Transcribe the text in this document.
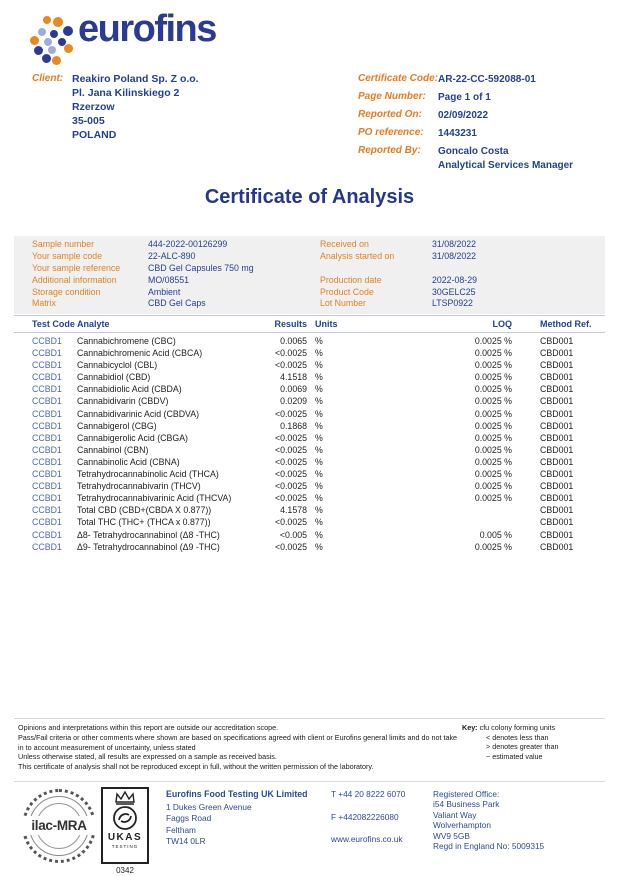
eurofins
Client: Reakiro Poland Sp. Z o.o.
Pl. Jana Kilinskiego 2
Rzerzow
35-005
POLAND
Certificate Code: AR-22-CC-592088-01
Page Number:	Page 1 of 1
Reported On:	02/09/2022
PO reference:	1443231
Reported By:	Goncalo Costa
Analytical Services Manager
Certificate of Analysis
Sample number	444-2022-00126299	Received on	31/08/2022
Your sample code	22-ALC-890	Analysis started on	31/08/2022
Your sample reference	CBD Gel Capsules 750 mg
Additional information	MO/08551	Production date	2022-08-29
Storage condition	Ambient	Product Code	30GELC25
Matrix	CBD Gel Caps	Lot Number	LTSP0922
Test Code Analyte	Results Units	LOQ	Method Ref.
CCBD1	Cannabichromene (CBC)	0.0065 %	0.0025 %	CBD001
CCBD1	Cannabichromenic Acid (CBCA)	<0.0025 %	0.0025 %	CBD001
CCBD1	Cannabicyclol (CBL)	<0.0025 %	0.0025 %	CBD001
CCBD1	Cannabidiol (CBD)	4.1518 %	0.0025 %	CBD001
CCBD1	Cannabidiolic Acid (CBDA)	0.0069 %	0.0025 %	CBD001
CCBD1	Cannabidivarin (CBDV)	0.0209 %	0.0025 %	CBD001
CCBD1	Cannabidivarinic Acid (CBDVA)	<0.0025 %	0.0025 %	CBD001
CCBD1	Cannabigerol (CBG)	0.1868 %	0.0025 %	CBD001
CCBD1	Cannabigerolic Acid (CBGA)	<0.0025 %	0.0025 %	CBD001
CCBD1	Cannabinol (CBN)	<0.0025 %	0.0025 %	CBD001
CCBD1	Cannabinolic Acid (CBNA)	<0.0025 %	0.0025 %	CBD001
CCBD1	Tetrahydrocannabinolic Acid (THCA)	<0.0025 %	0.0025 %	CBD001
CCBD1	Tetrahydrocannabivarin (THCV)	<0.0025 %	0.0025 %	CBD001
CCBD1	Tetrahydrocannabivarinic Acid (THCVA)	<0.0025 %	0.0025 %	CBD001
CCBD1	Total CBD (CBD+(CBDA X 0.877))	4.1578 %	CBD001
CCBD1	Total THC (THC+ (THCA x 0.877))	<0.0025 %	CBD001
CCBD1	Δ8- Tetrahydrocannabinol (Δ8 -THC)	<0.005 %	0.005 %	CBD001
CCBD1	Δ9- Tetrahydrocannabinol (Δ9 -THC)	<0.0025 %	0.0025 %	CBD001
Opinions and interpretations within this report are outside our accreditation scope.
Pass/Fail criteria or other comments where shown are based on specifications agreed with client or Eurofins general limits and do not take in to account measurement of uncertainty, unless stated
Unless otherwise stated, all results are expressed on a sample as received basis.
This certificate of analysis shall not be reproduced except in full, without the written permission of the laboratory.
Key: cfu colony forming units
< denotes less than
> denotes greater than
~ estimated value
ilac-MRA
UKAS
TESTING
0342
Eurofins Food Testing UK Limited
1 Dukes Green Avenue
Faggs Road
Feltham
TW14 0LR
T +44 20 8222 6070
F +442082226080
www.eurofins.co.uk
Registered Office:
i54 Business Park
Valiant Way
Wolverhampton
WV9 5GB
Regd in England No: 5009315
